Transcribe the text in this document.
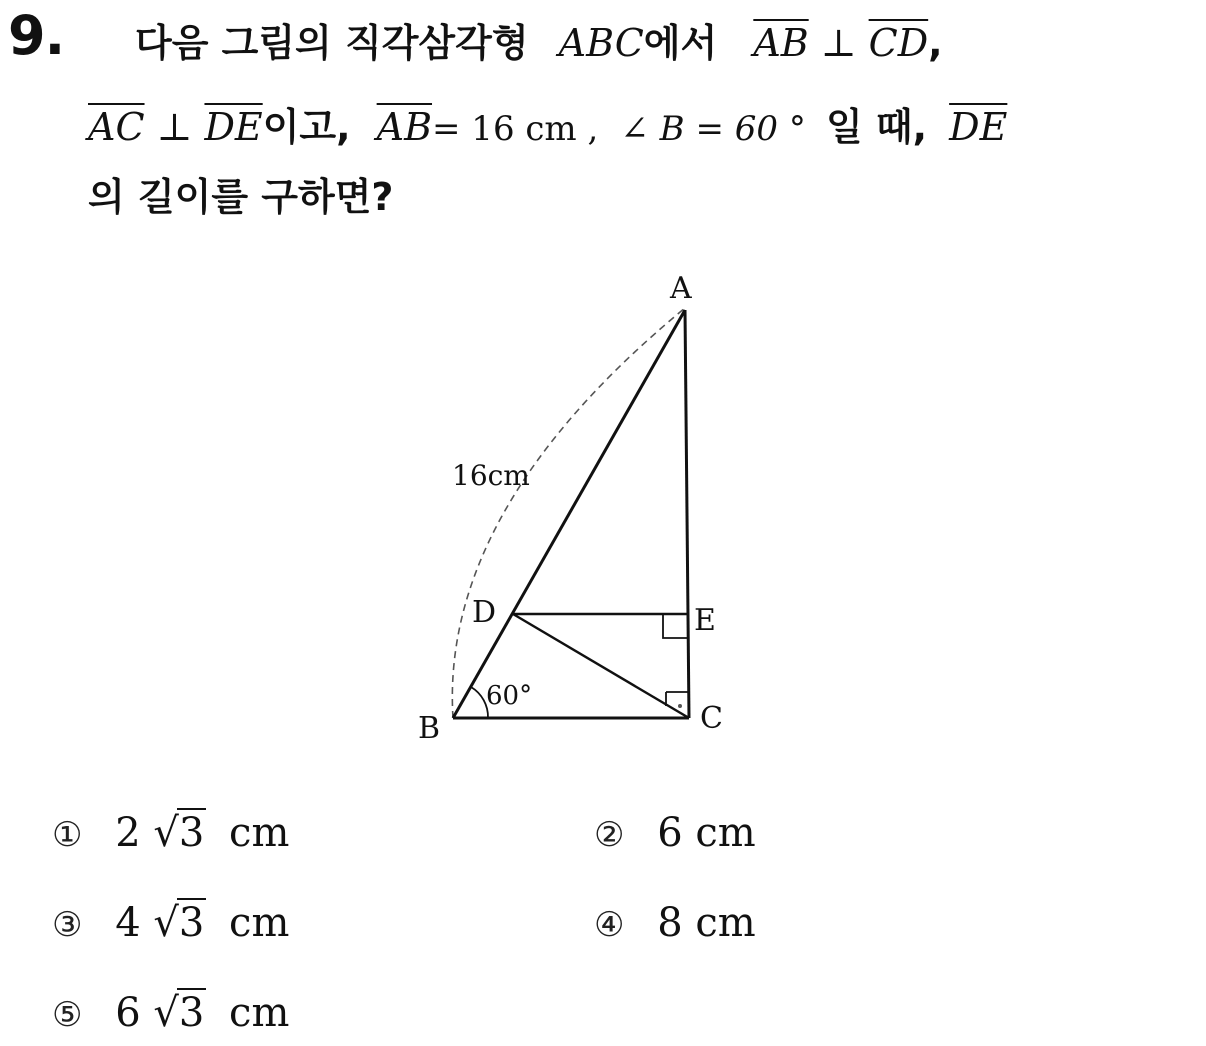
9. 다음 그림의 직각삼각형 ABC에서 $\overline{AB}$ ⊥ $\overline{CD}$,
$\overline{AC}$ ⊥ $\overline{DE}$이고, $\overline{AB}= 16$ cm , ∠ B = 60 ° 일 때, $\overline{DE}$
의 길이를 구하면?
A
B	C
D	E
16cm
60°
① 2 √3 cm	② 6 cm
③ 4 √3 cm	④ 8 cm
⑤ 6 √3 cm
